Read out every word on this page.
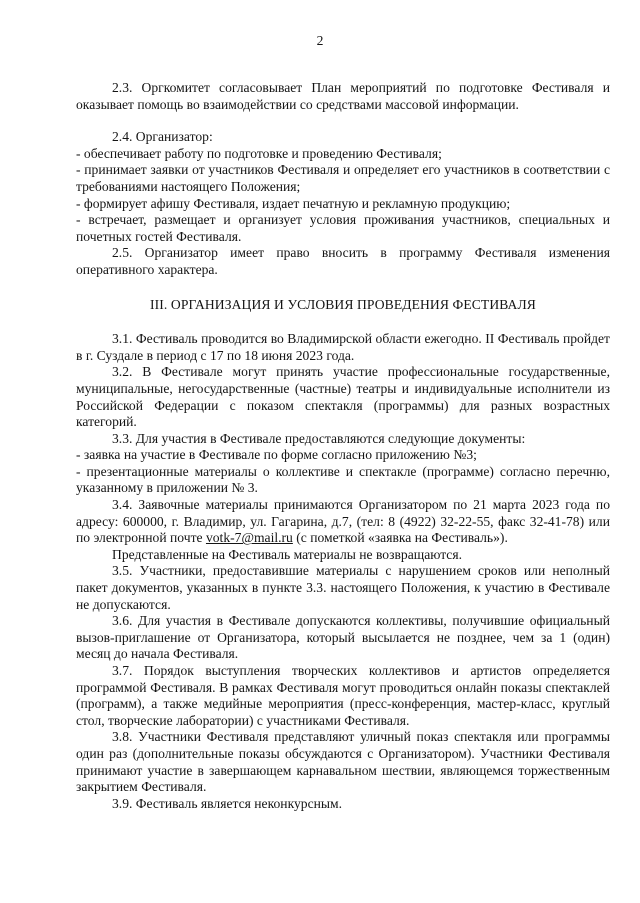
2

2.3. Оргкомитет согласовывает План мероприятий по подготовке Фестиваля и оказывает помощь во взаимодействии со средствами массовой информации.

2.4. Организатор:

- обеспечивает работу по подготовке и проведению Фестиваля;

- принимает заявки от участников Фестиваля и определяет его участников в соответствии с требованиями настоящего Положения;

- формирует афишу Фестиваля, издает печатную и рекламную продукцию;

- встречает, размещает и организует условия проживания участников, специальных и почетных гостей Фестиваля.

2.5. Организатор имеет право вносить в программу Фестиваля изменения оперативного характера.

III. ОРГАНИЗАЦИЯ И УСЛОВИЯ ПРОВЕДЕНИЯ ФЕСТИВАЛЯ

3.1. Фестиваль проводится во Владимирской области ежегодно. II Фестиваль пройдет в г. Суздале в период с 17 по 18 июня 2023 года.

3.2. В Фестивале могут принять участие профессиональные государственные, муниципальные, негосударственные (частные) театры и индивидуальные исполнители из Российской Федерации с показом спектакля (программы) для разных возрастных категорий.

3.3. Для участия в Фестивале предоставляются следующие документы:

- заявка на участие в Фестивале по форме согласно приложению №3;

- презентационные материалы о коллективе и спектакле (программе) согласно перечню, указанному в приложении № 3.

3.4. Заявочные материалы принимаются Организатором по 21 марта 2023 года по адресу: 600000, г. Владимир, ул. Гагарина, д.7, (тел: 8 (4922) 32-22-55, факс 32-41-78) или по электронной почте votk-7@mail.ru (с пометкой «заявка на Фестиваль»).

Представленные на Фестиваль материалы не возвращаются.

3.5. Участники, предоставившие материалы с нарушением сроков или неполный пакет документов, указанных в пункте 3.3. настоящего Положения, к участию в Фестивале не допускаются.

3.6. Для участия в Фестивале допускаются коллективы, получившие официальный вызов-приглашение от Организатора, который высылается не позднее, чем за 1 (один) месяц до начала Фестиваля.

3.7. Порядок выступления творческих коллективов и артистов определяется программой Фестиваля. В рамках Фестиваля могут проводиться онлайн показы спектаклей (программ), а также медийные мероприятия (пресс-конференция, мастер-класс, круглый стол, творческие лаборатории) с участниками Фестиваля.

3.8. Участники Фестиваля представляют уличный показ спектакля или программы один раз (дополнительные показы обсуждаются с Организатором). Участники Фестиваля принимают участие в завершающем карнавальном шествии, являющемся торжественным закрытием Фестиваля.

3.9. Фестиваль является неконкурсным.
